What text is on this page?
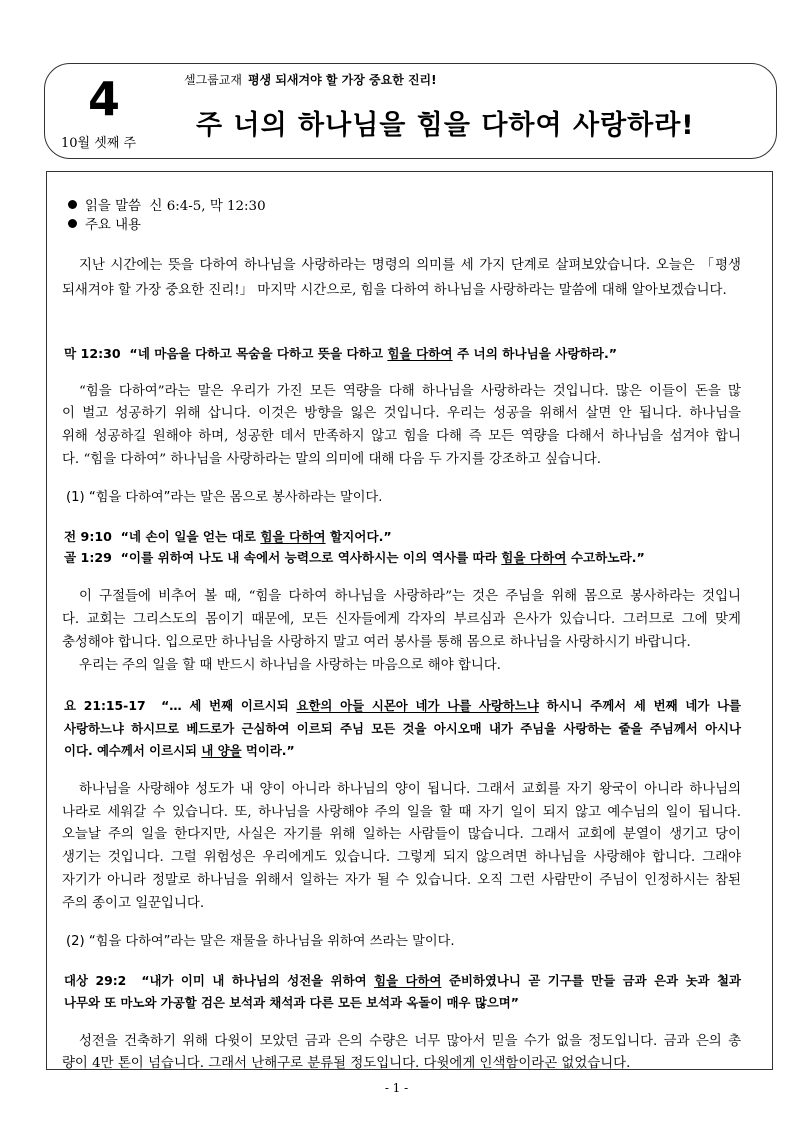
4
10월 셋째 주
셀그룹교재 평생 되새겨야 할 가장 중요한 진리!
주 너의 하나님을 힘을 다하여 사랑하라!
읽을 말씀 신 6:4-5, 막 12:30
주요 내용
지난 시간에는 뜻을 다하여 하나님을 사랑하라는 명령의 의미를 세 가지 단계로 살펴보았습니다. 오늘은 「평생
되새겨야 할 가장 중요한 진리!」 마지막 시간으로, 힘을 다하여 하나님을 사랑하라는 말씀에 대해 알아보겠습니다.
막 12:30 “네 마음을 다하고 목숨을 다하고 뜻을 다하고 힘을 다하여 주 너의 하나님을 사랑하라.”
“힘을 다하여”라는 말은 우리가 가진 모든 역량을 다해 하나님을 사랑하라는 것입니다. 많은 이들이 돈을 많
이 벌고 성공하기 위해 삽니다. 이것은 방향을 잃은 것입니다. 우리는 성공을 위해서 살면 안 됩니다. 하나님을
위해 성공하길 원해야 하며, 성공한 데서 만족하지 않고 힘을 다해 즉 모든 역량을 다해서 하나님을 섬겨야 합니
다. “힘을 다하여” 하나님을 사랑하라는 말의 의미에 대해 다음 두 가지를 강조하고 싶습니다.
(1) “힘을 다하여”라는 말은 몸으로 봉사하라는 말이다.
전 9:10 “네 손이 일을 얻는 대로 힘을 다하여 할지어다.”
골 1:29 “이를 위하여 나도 내 속에서 능력으로 역사하시는 이의 역사를 따라 힘을 다하여 수고하노라.”
이 구절들에 비추어 볼 때, “힘을 다하여 하나님을 사랑하라”는 것은 주님을 위해 몸으로 봉사하라는 것입니
다. 교회는 그리스도의 몸이기 때문에, 모든 신자들에게 각자의 부르심과 은사가 있습니다. 그러므로 그에 맞게
충성해야 합니다. 입으로만 하나님을 사랑하지 말고 여러 봉사를 통해 몸으로 하나님을 사랑하시기 바랍니다.
우리는 주의 일을 할 때 반드시 하나님을 사랑하는 마음으로 해야 합니다.
요 21:15-17 “… 세 번째 이르시되 요한의 아들 시몬아 네가 나를 사랑하느냐 하시니 주께서 세 번째 네가 나를
사랑하느냐 하시므로 베드로가 근심하여 이르되 주님 모든 것을 아시오매 내가 주님을 사랑하는 줄을 주님께서 아시나
이다. 예수께서 이르시되 내 양을 먹이라.”
하나님을 사랑해야 성도가 내 양이 아니라 하나님의 양이 됩니다. 그래서 교회를 자기 왕국이 아니라 하나님의
나라로 세워갈 수 있습니다. 또, 하나님을 사랑해야 주의 일을 할 때 자기 일이 되지 않고 예수님의 일이 됩니다.
오늘날 주의 일을 한다지만, 사실은 자기를 위해 일하는 사람들이 많습니다. 그래서 교회에 분열이 생기고 당이
생기는 것입니다. 그럴 위험성은 우리에게도 있습니다. 그렇게 되지 않으려면 하나님을 사랑해야 합니다. 그래야
자기가 아니라 정말로 하나님을 위해서 일하는 자가 될 수 있습니다. 오직 그런 사람만이 주님이 인정하시는 참된
주의 종이고 일꾼입니다.
(2) “힘을 다하여”라는 말은 재물을 하나님을 위하여 쓰라는 말이다.
대상 29:2 “내가 이미 내 하나님의 성전을 위하여 힘을 다하여 준비하였나니 곧 기구를 만들 금과 은과 놋과 철과
나무와 또 마노와 가공할 검은 보석과 채석과 다른 모든 보석과 옥돌이 매우 많으며”
성전을 건축하기 위해 다윗이 모았던 금과 은의 수량은 너무 많아서 믿을 수가 없을 정도입니다. 금과 은의 총
량이 4만 톤이 넘습니다. 그래서 난해구로 분류될 정도입니다. 다윗에게 인색함이라곤 없었습니다.
- 1 -
